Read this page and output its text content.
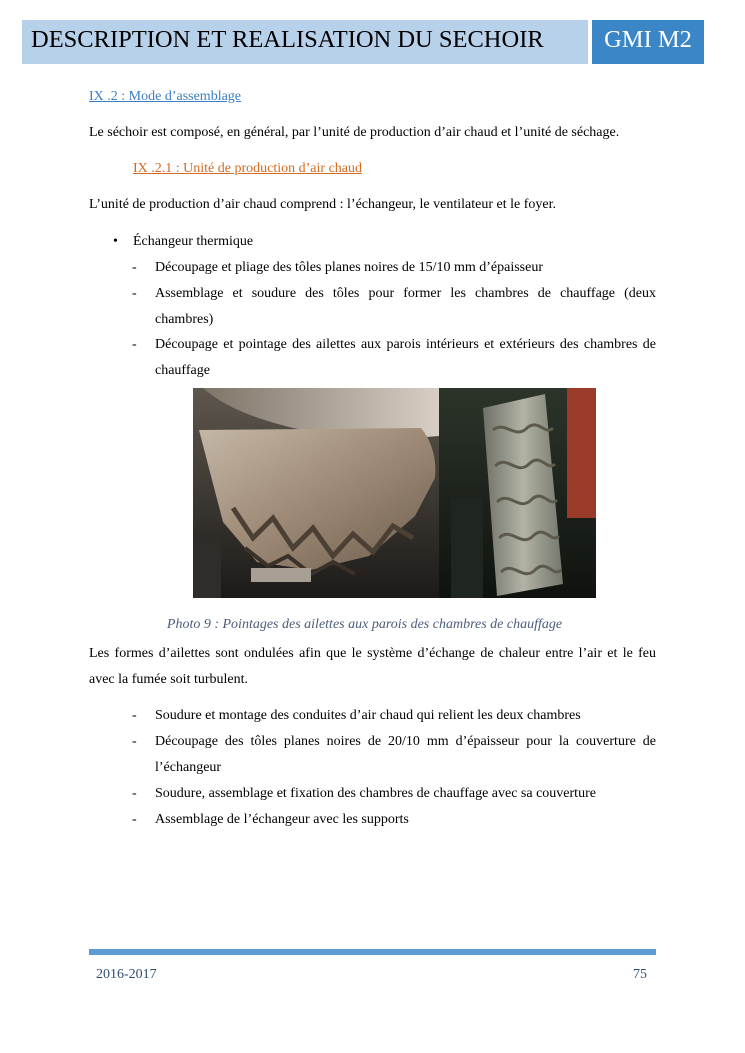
DESCRIPTION ET REALISATION DU SECHOIR	GMI M2
IX .2 : Mode d’assemblage

Le séchoir est composé, en général, par l’unité de production d’air chaud et l’unité de séchage.

IX .2.1 : Unité de production d’air chaud

L’unité de production d’air chaud comprend : l’échangeur, le ventilateur et le foyer.

• Échangeur thermique
- Découpage et pliage des tôles planes noires de 15/10 mm d’épaisseur
- Assemblage et soudure des tôles pour former les chambres de chauffage (deux chambres)
- Découpage et pointage des ailettes aux parois intérieurs et extérieurs des chambres de chauffage
Photo 9 : Pointages des ailettes aux parois des chambres de chauffage

Les formes d’ailettes sont ondulées afin que le système d’échange de chaleur entre l’air et le feu avec la fumée soit turbulent.

- Soudure et montage des conduites d’air chaud qui relient les deux chambres
- Découpage des tôles planes noires de 20/10 mm d’épaisseur pour la couverture de l’échangeur
- Soudure, assemblage et fixation des chambres de chauffage avec sa couverture
- Assemblage de l’échangeur avec les supports
2016-2017	75
